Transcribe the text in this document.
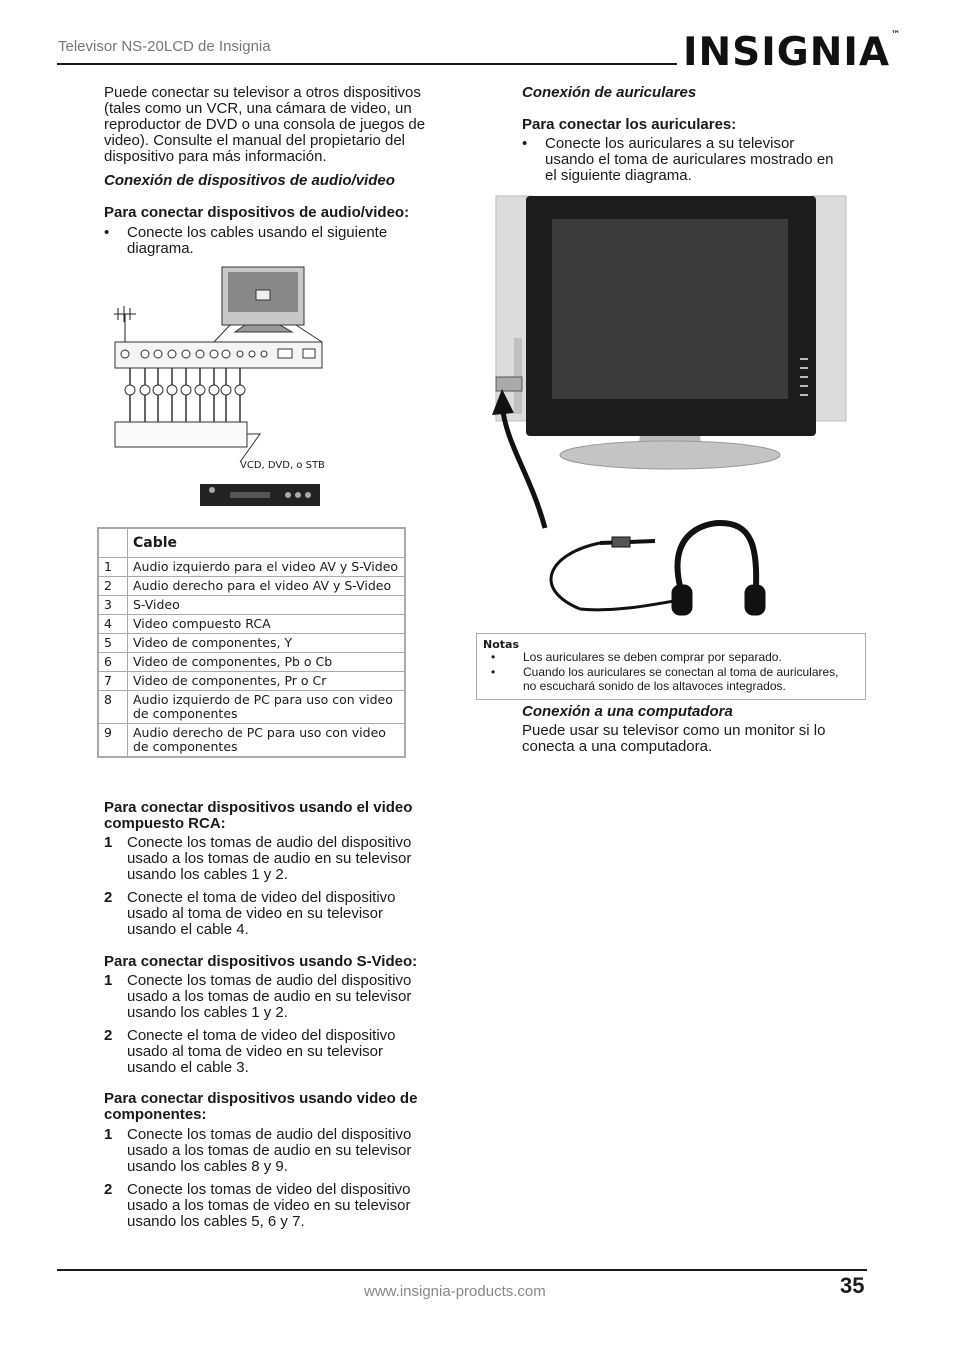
Televisor NS-20LCD de Insignia	INSIGNIA™
Puede conectar su televisor a otros dispositivos
(tales como un VCR, una cámara de video, un
reproductor de DVD o una consola de juegos de
video). Consulte el manual del propietario del
dispositivo para más información.
Conexión de dispositivos de audio/video
Para conectar dispositivos de audio/video:
•	Conecte los cables usando el siguiente
diagrama.
VCD, DVD, o STB
	Cable
1	Audio izquierdo para el video AV y S-Video
2	Audio derecho para el video AV y S-Video
3	S-Video
4	Video compuesto RCA
5	Video de componentes, Y
6	Video de componentes, Pb o Cb
7	Video de componentes, Pr o Cr
8	Audio izquierdo de PC para uso con video de componentes
9	Audio derecho de PC para uso con video de componentes
Para conectar dispositivos usando el video
compuesto RCA:
1 Conecte los tomas de audio del dispositivo
usado a los tomas de audio en su televisor
usando los cables 1 y 2.
2 Conecte el toma de video del dispositivo
usado al toma de video en su televisor
usando el cable 4.
Para conectar dispositivos usando S-Video:
1 Conecte los tomas de audio del dispositivo
usado a los tomas de audio en su televisor
usando los cables 1 y 2.
2 Conecte el toma de video del dispositivo
usado al toma de video en su televisor
usando el cable 3.
Para conectar dispositivos usando video de
componentes:
1 Conecte los tomas de audio del dispositivo
usado a los tomas de audio en su televisor
usando los cables 8 y 9.
2 Conecte los tomas de video del dispositivo
usado a los tomas de video en su televisor
usando los cables 5, 6 y 7.
Conexión de auriculares
Para conectar los auriculares:
•	Conecte los auriculares a su televisor
usando el toma de auriculares mostrado en
el siguiente diagrama.
Notas
•	Los auriculares se deben comprar por separado.
•	Cuando los auriculares se conectan al toma de auriculares,
no escuchará sonido de los altavoces integrados.
Conexión a una computadora
Puede usar su televisor como un monitor si lo
conecta a una computadora.
www.insignia-products.com	35
